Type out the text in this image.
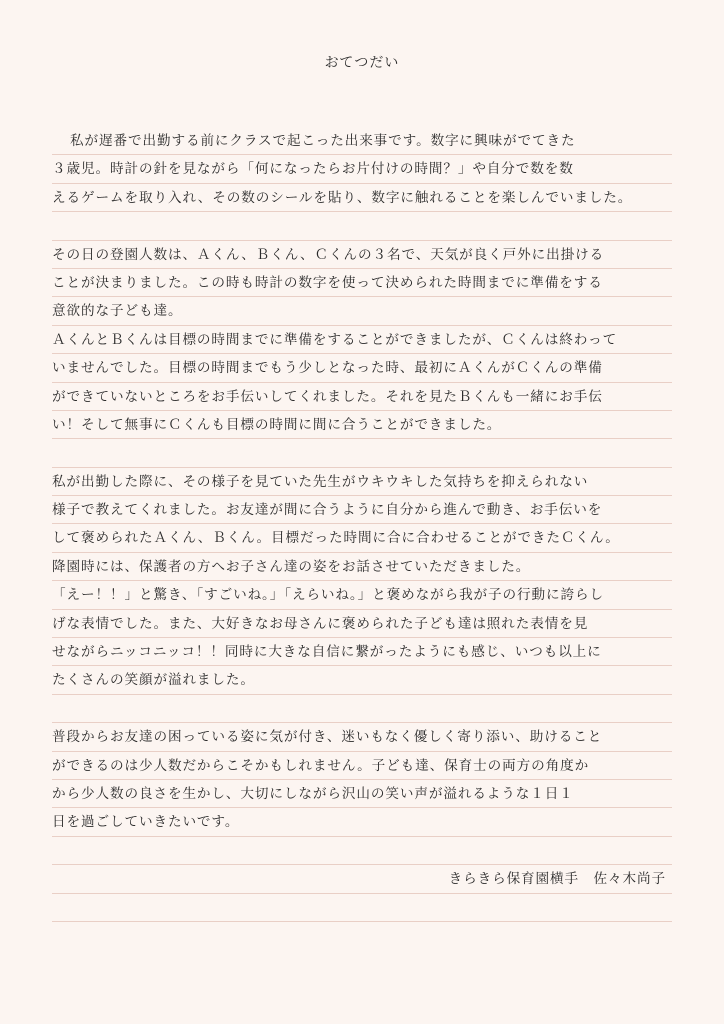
おてつだい
私が遅番で出勤する前にクラスで起こった出来事です。数字に興味がでてきた
３歳児。時計の針を見ながら「何になったらお片付けの時間？」や自分で数を数
えるゲームを取り入れ、その数のシールを貼り、数字に触れることを楽しんでいました。
その日の登園人数は、Ａくん、Ｂくん、Ｃくんの３名で、天気が良く戸外に出掛ける
ことが決まりました。この時も時計の数字を使って決められた時間までに準備をする
意欲的な子ども達。
ＡくんとＢくんは目標の時間までに準備をすることができましたが、Ｃくんは終わって
いませんでした。目標の時間までもう少しとなった時、最初にＡくんがＣくんの準備
ができていないところをお手伝いしてくれました。それを見たＢくんも一緒にお手伝
い！そして無事にＣくんも目標の時間に間に合うことができました。
私が出勤した際に、その様子を見ていた先生がウキウキした気持ちを抑えられない
様子で教えてくれました。お友達が間に合うように自分から進んで動き、お手伝いを
して褒められたＡくん、Ｂくん。目標だった時間に合に合わせることができたＣくん。
降園時には、保護者の方へお子さん達の姿をお話させていただきました。
「えー！！」と驚き、「すごいね。」「えらいね。」と褒めながら我が子の行動に誇らし
げな表情でした。また、大好きなお母さんに褒められた子ども達は照れた表情を見
せながらニッコニッコ！！同時に大きな自信に繋がったようにも感じ、いつも以上に
たくさんの笑顔が溢れました。
普段からお友達の困っている姿に気が付き、迷いもなく優しく寄り添い、助けること
ができるのは少人数だからこそかもしれません。子ども達、保育士の両方の角度か
から少人数の良さを生かし、大切にしながら沢山の笑い声が溢れるような１日１
日を過ごしていきたいです。
きらきら保育園横手　佐々木尚子
